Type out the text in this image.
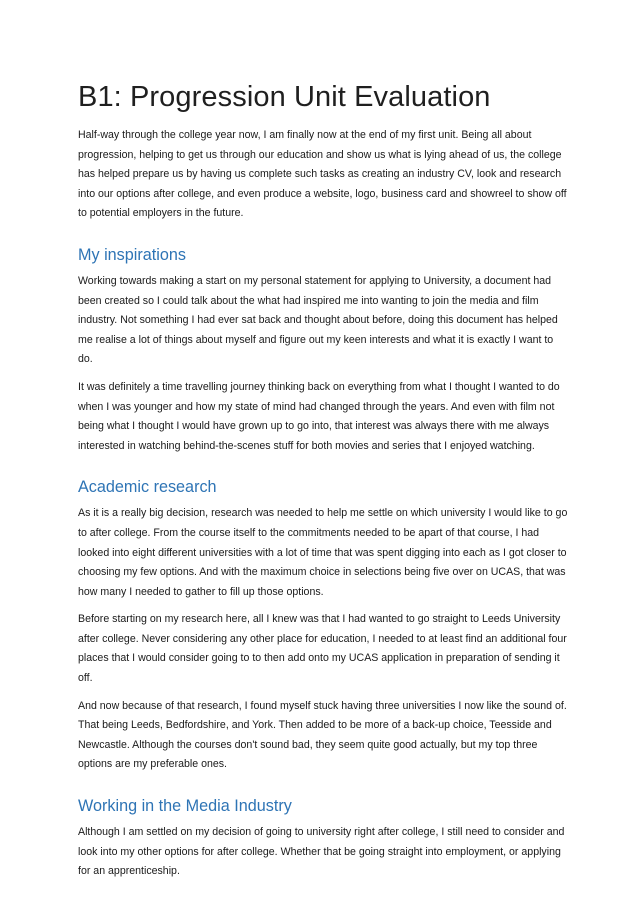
B1: Progression Unit Evaluation

Half-way through the college year now, I am finally now at the end of my first unit. Being all about progression, helping to get us through our education and show us what is lying ahead of us, the college has helped prepare us by having us complete such tasks as creating an industry CV, look and research into our options after college, and even produce a website, logo, business card and showreel to show off to potential employers in the future.

My inspirations

Working towards making a start on my personal statement for applying to University, a document had been created so I could talk about the what had inspired me into wanting to join the media and film industry. Not something I had ever sat back and thought about before, doing this document has helped me realise a lot of things about myself and figure out my keen interests and what it is exactly I want to do.

It was definitely a time travelling journey thinking back on everything from what I thought I wanted to do when I was younger and how my state of mind had changed through the years. And even with film not being what I thought I would have grown up to go into, that interest was always there with me always interested in watching behind-the-scenes stuff for both movies and series that I enjoyed watching.

Academic research

As it is a really big decision, research was needed to help me settle on which university I would like to go to after college. From the course itself to the commitments needed to be apart of that course, I had looked into eight different universities with a lot of time that was spent digging into each as I got closer to choosing my few options. And with the maximum choice in selections being five over on UCAS, that was how many I needed to gather to fill up those options.

Before starting on my research here, all I knew was that I had wanted to go straight to Leeds University after college. Never considering any other place for education, I needed to at least find an additional four places that I would consider going to to then add onto my UCAS application in preparation of sending it off.

And now because of that research, I found myself stuck having three universities I now like the sound of. That being Leeds, Bedfordshire, and York. Then added to be more of a back-up choice, Teesside and Newcastle. Although the courses don't sound bad, they seem quite good actually, but my top three options are my preferable ones.

Working in the Media Industry

Although I am settled on my decision of going to university right after college, I still need to consider and look into my other options for after college. Whether that be going straight into employment, or applying for an apprenticeship.
